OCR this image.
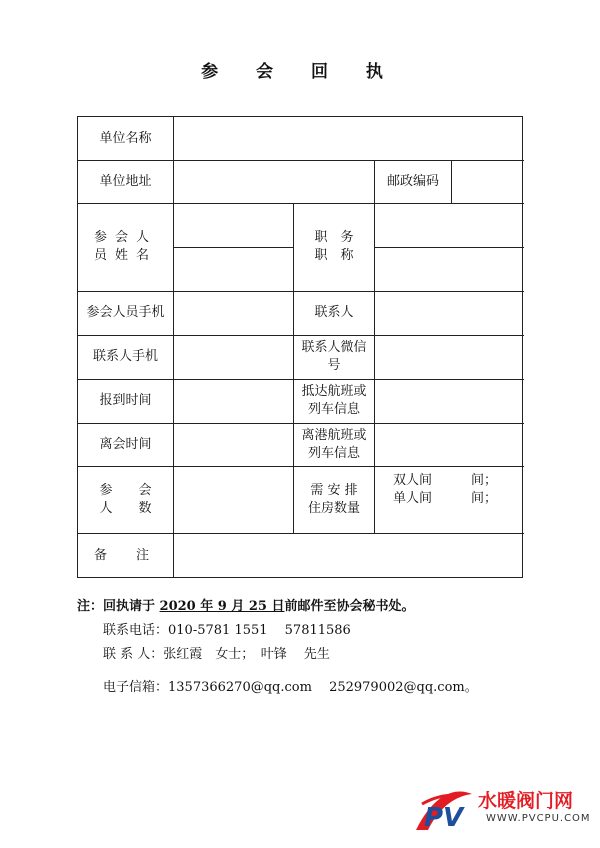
参 会 回 执
单位名称
单位地址	邮政编码
参会人
员姓名
职　务
职　称
参会人员手机	联系人
联系人手机
联系人微信
号
报到时间
抵达航班或
列车信息
离会时间
离港航班或
列车信息
参　　会
人　　数
需 安 排
住房数量
双人间　　　间；
单人间　　　间；
备　注
注：回执请于 2020 年 9 月 25 日前邮件至协会秘书处。
联系电话：010-5781 1551　 57811586
联 系 人：张红霞　女士；　叶锋　 先生
电子信箱：1357366270@qq.com　 252979002@qq.com。
PV
水暖阀门网
WWW.PVCPU.COM
